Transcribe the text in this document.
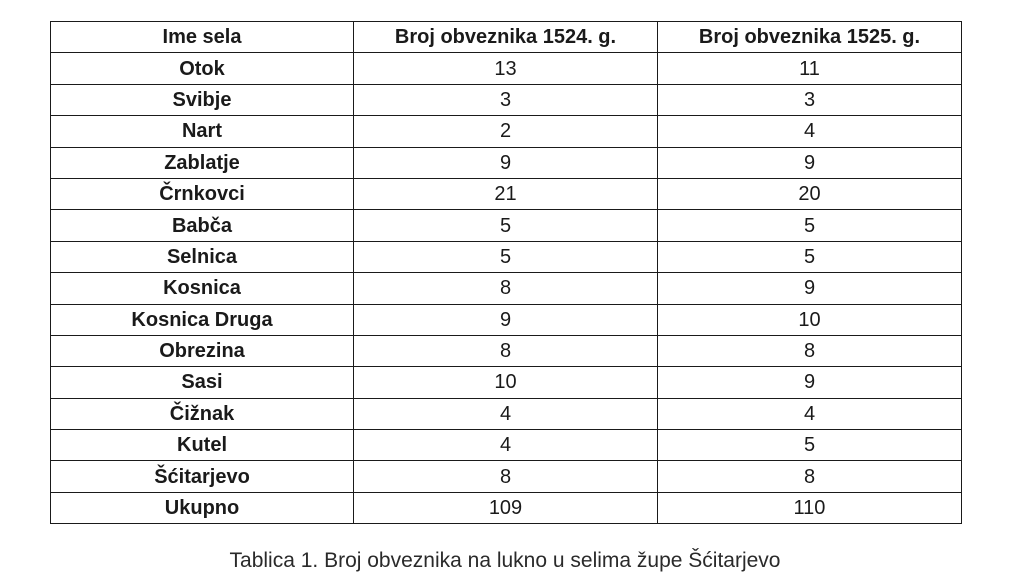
Ime sela	Broj obveznika 1524. g.	Broj obveznika 1525. g.
Otok	13	11
Svibje	3	3
Nart	2	4
Zablatje	9	9
Črnkovci	21	20
Babča	5	5
Selnica	5	5
Kosnica	8	9
Kosnica Druga	9	10
Obrezina	8	8
Sasi	10	9
Čižnak	4	4
Kutel	4	5
Šćitarjevo	8	8
Ukupno	109	110
Tablica 1. Broj obveznika na lukno u selima župe Šćitarjevo
